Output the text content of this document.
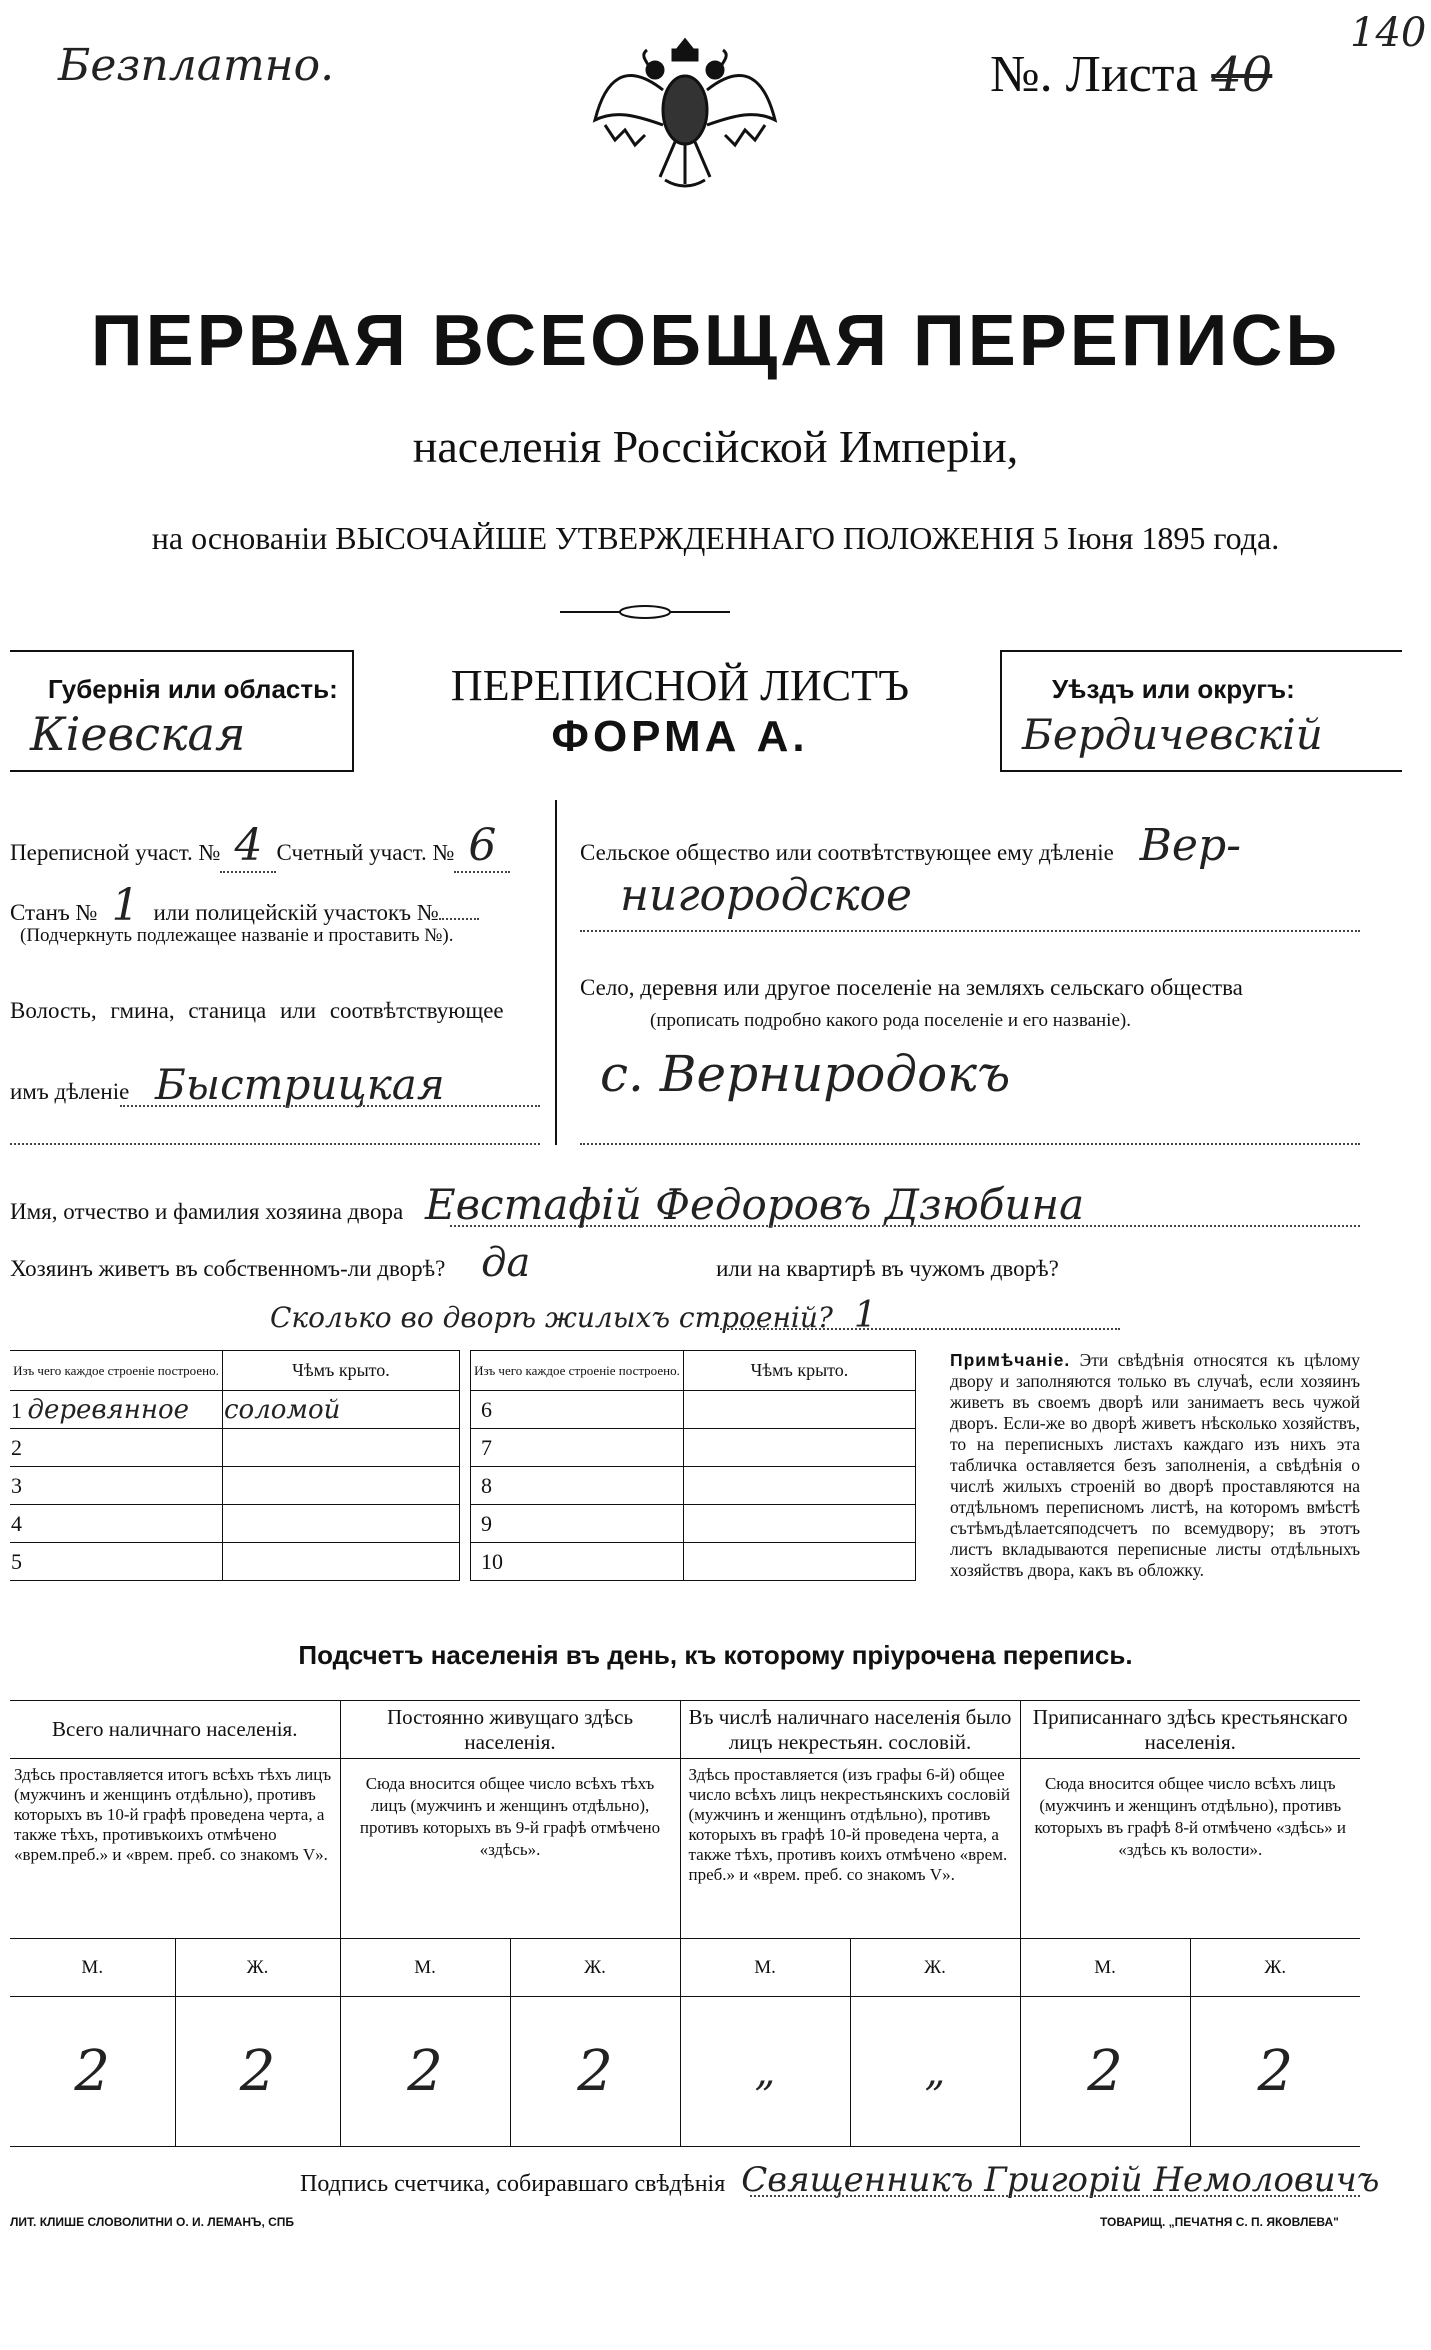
Безплатно.	№. Листа 40
140
ПЕРВАЯ ВСЕОБЩАЯ ПЕРЕПИСЬ
населенія Россійской Имперіи,
на основаніи ВЫСОЧАЙШЕ УТВЕРЖДЕННАГО ПОЛОЖЕНІЯ 5 Іюня 1895 года.
Губернія или область:
Кіевская
ПЕРЕПИСНОЙ ЛИСТЪ
ФОРМА А.
Уѣздъ или округъ:
Бердичевскій
Переписной участ. № 4 Счетный участ. № 6
Станъ № 1 или полицейскій участокъ №
(Подчеркнуть подлежащее назвaніе и проставить №).
Волость, гмина, станица или соотвѣтствующее
имъ дѣленіе Быстрицкая
Сельское общество или соотвѣтствующее ему дѣленіе Вер-
нигородское
Село, деревня или другое поселеніе на земляхъ сельскаго общества
(прописать подробно какого рода поселеніе и его названіе).
с. Верниродокъ
Имя, отчество и фамилия хозяина двора Евстафій Федоровъ Дзюбина
Хозяинъ живетъ въ собственномъ-ли дворѣ? да	или на квартирѣ въ чужомъ дворѣ?
Сколько во дворѣ жилыхъ строеній? 1
Изъ чего каждое строеніе построено.	Чѣмъ крыто.
1 деревянное	соломой
2	
3	
4	
5	
Изъ чего каждое строеніе построено.	Чѣмъ крыто.
6	
7	
8	
9	
10	
Примѣчаніе. Эти свѣдѣнія относятся къ цѣлому двору и заполняются только въ случаѣ, если хозяинъ живетъ въ своемъ дворѣ или занимаетъ весь чужой дворъ. Если-же во дворѣ живетъ нѣсколько хозяйствъ, то на переписныхъ листахъ каждаго изъ нихъ эта табличка оставляется безъ заполненія, а свѣдѣнія о числѣ жилыхъ строеній во дворѣ проставляются на отдѣльномъ переписномъ листѣ, на которомъ вмѣстѣ сътѣмъдѣлаетсяподсчетъ по всемудвору; въ этотъ листъ вкладываются переписные листы отдѣльныхъ хозяйствъ двора, какъ въ обложку.
Подсчетъ населенія въ день, къ которому пріурочена перепись.
Всего наличнаго населенія.		Постоянно живущаго здѣсь населенія.		Въ числѣ наличнаго населенія было лицъ некрестьян. сословій.		Приписаннаго здѣсь крестьянскаго населенія.	
Здѣсь проставляется итогъ всѣхъ тѣхъ лицъ (мужчинъ и женщинъ отдѣльно), противъ которыхъ въ 10-й графѣ проведена черта, а также тѣхъ, противъкоихъ отмѣчено «врем.преб.» и «врем. преб. со знакомъ V».		Сюда вносится общее число всѣхъ тѣхъ лицъ (мужчинъ и женщинъ отдѣльно), противъ которыхъ въ 9-й графѣ отмѣчено «здѣсь».		Здѣсь проставляется (изъ графы 6-й) общее число всѣхъ лицъ некрестьянскихъ сословій (мужчинъ и женщинъ отдѣльно), противъ которыхъ въ графѣ 10-й проведена черта, а также тѣхъ, противъ коихъ отмѣчено «врем. преб.» и «врем. преб. со знакомъ V».		Сюда вносится общее число всѣхъ лицъ (мужчинъ и женщинъ отдѣльно), противъ которыхъ въ графѣ 8-й отмѣчено «здѣсь» и «здѣсь къ волости».	
М.	Ж.	М.	Ж.	М.	Ж.	М.	Ж.
2	2	2	2	„	„	2	2
Подпись счетчика, собиравшаго свѣдѣнія Священникъ Григорій Немоловичъ
ЛИТ. КЛИШЕ СЛОВОЛИТНИ О. И. ЛЕМАНЪ, СПБ	ТОВАРИЩ. „ПЕЧАТНЯ С. П. ЯКОВЛЕВА"
